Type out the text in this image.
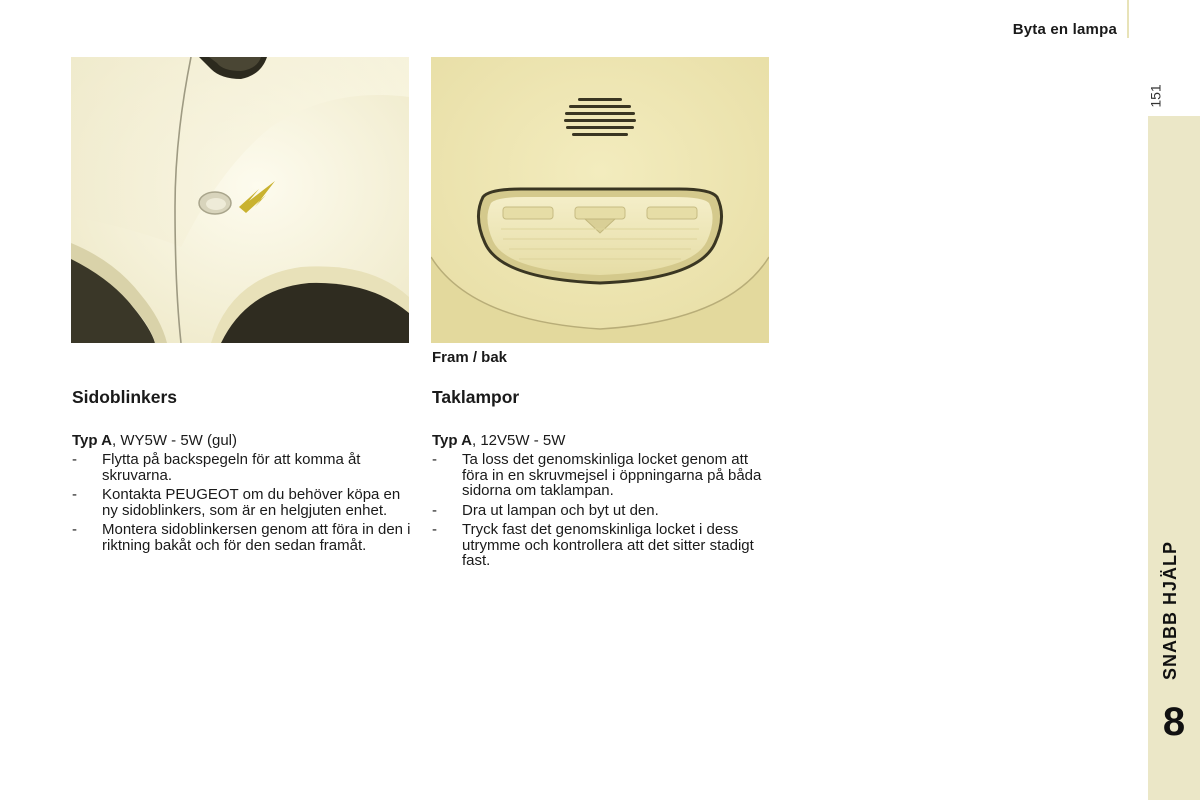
Byta en lampa
151
SNABB HJÄLP
8
Fram / bak
Sidoblinkers

Typ A, WY5W - 5W (gul)

- Flytta på backspegeln för att komma åt skruvarna.
- Kontakta PEUGEOT om du behöver köpa en ny sidoblinkers, som är en helgjuten enhet.
- Montera sidoblinkersen genom att föra in den i riktning bakåt och för den sedan framåt.
Taklampor

Typ A, 12V5W - 5W

- Ta loss det genomskinliga locket genom att föra in en skruvmejsel i öppningarna på båda sidorna om taklampan.
- Dra ut lampan och byt ut den.
- Tryck fast det genomskinliga locket i dess utrymme och kontrollera att det sitter stadigt fast.
